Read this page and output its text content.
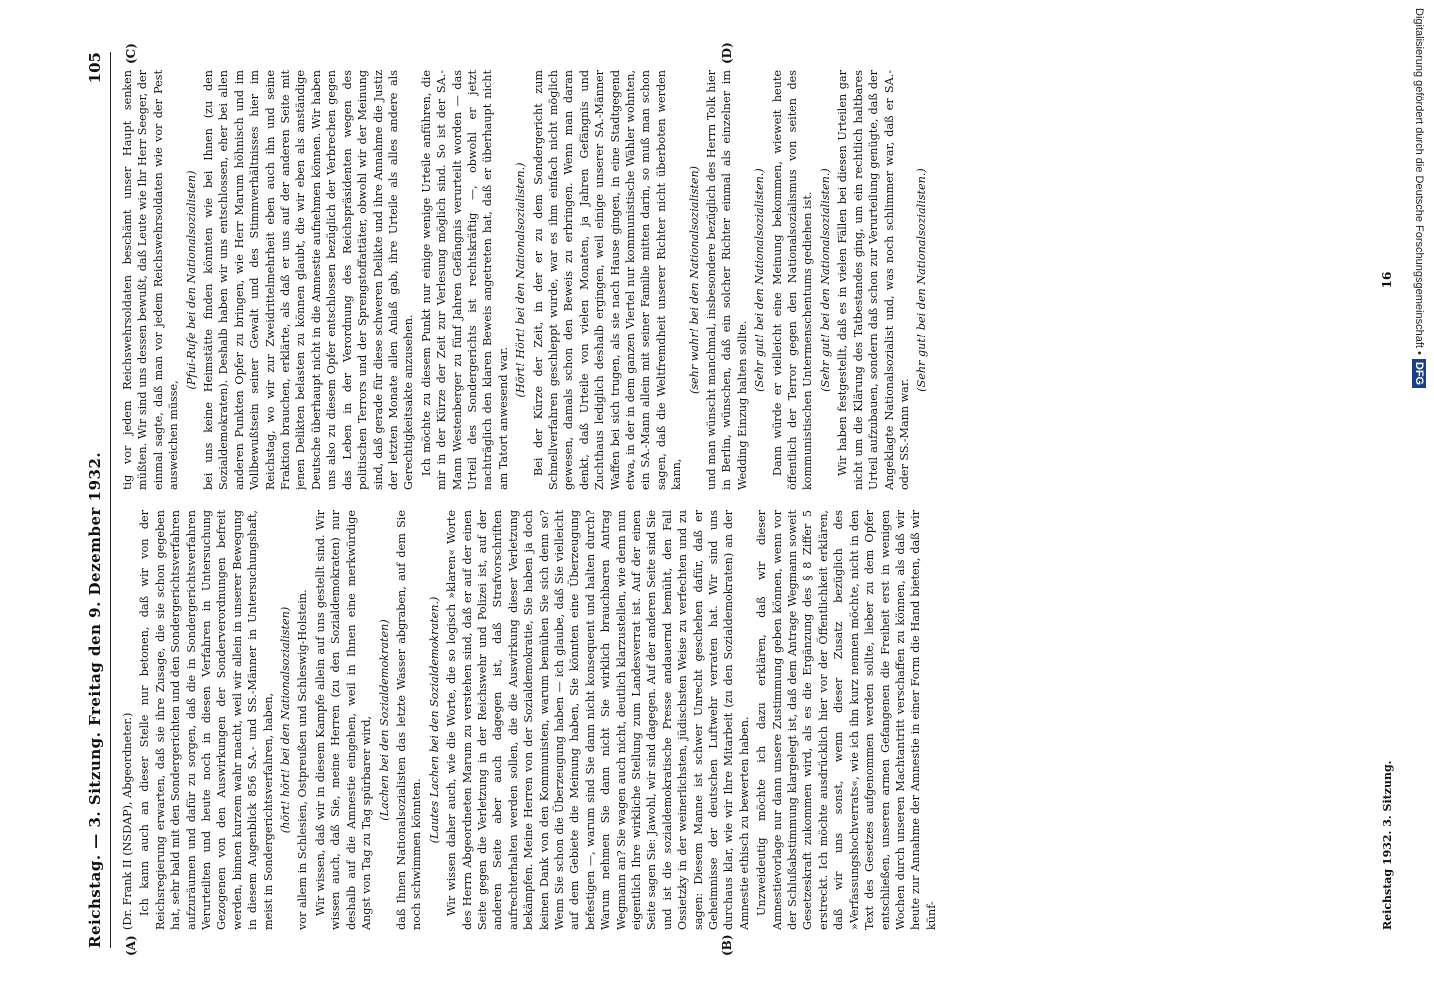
Reichstag. — 3. Sitzung. Freitag den 9. Dezember 1932.
105
(A)	(B)
(C)	(D)

(Dr. Frank II (NSDAP), Abgeordneter.) Ich kann auch an dieser Stelle nur betonen, daß wir von der Reichsregierung erwarten, daß sie ihre Zusage, die sie schon gegeben hat, sehr bald mit den Sondergerichten und den Sondergerichtsverfahren aufzuräumen und dafür zu sorgen, daß die in Sondergerichtsverfahren Verurteilten und heute noch in diesen Verfahren in Untersuchung Gezogenen von den Auswirkungen der Sonderverordnungen befreit werden, binnen kurzem wahr macht, weil wir allein in unserer Bewegung in diesem Augenblick 856 SA.- und SS.-Männer in Untersuchungshaft, meist in Sondergerichtsverfahren, haben, (hört! hört! bei den Nationalsozialisten) vor allem in Schlesien, Ostpreußen und Schleswig-Holstein. Wir wissen, daß wir in diesem Kampfe allein auf uns gestellt sind. Wir wissen auch, daß Sie, meine Herren (zu den Sozialdemokraten) nur deshalb auf die Amnestie eingehen, weil in Ihnen eine merkwürdige Angst von Tag zu Tag spürbarer wird, (Lachen bei den Sozialdemokraten) daß Ihnen Nationalsozialisten das letzte Wasser abgraben, auf dem Sie noch schwimmen könnten.

(Lautes Lachen bei den Sozialdemokraten.) Wir wissen daher auch, wie die Worte, die so logisch »klaren« Worte des Herrn Abgeordneten Marum zu verstehen sind, daß er auf der einen Seite gegen die Verletzung in der Reichswehr und Polizei ist, auf der anderen Seite aber auch dagegen ist, daß Strafvorschriften aufrechterhalten werden sollen, die die Auswirkung dieser Verletzung bekämpfen. Meine Herren von der Sozialdemokratie, Sie haben ja doch keinen Dank von den Kommunisten, warum bemühen Sie sich denn so? Wenn Sie schon die Überzeugung haben — ich glaube, daß Sie vielleicht auf dem Gebiete die Meinung haben, Sie könnten eine Überzeugung befestigen —, warum sind Sie dann nicht konsequent und halten durch? Warum nehmen Sie dann nicht Sie wirklich brauchbaren Antrag Wegmann an? Sie wagen auch nicht, deutlich klarzustellen, wie denn nun eigentlich Ihre wirkliche Stellung zum Landesverrat ist. Auf der einen Seite sagen Sie: Jawohl, wir sind dagegen. Auf der anderen Seite sind Sie und ist die sozialdemokratische Presse andauernd bemüht, den Fall Ossietzky in der weinerlichsten, jüdischsten Weise zu verfechten und zu sagen: Diesem Manne ist schwer Unrecht geschehen dafür, daß er Geheimnisse der deutschen Luftwehr verraten hat. Wir sind uns durchaus klar, wie wir Ihre Mitarbeit (zu den Sozialdemokraten) an der Amnestie ethisch zu bewerten haben. Unzweideutig möchte ich dazu erklären, daß wir dieser Amnestievorlage nur dann unsere Zustimmung geben können, wenn vor der Schlußabstimmung klargelegt ist, daß dem Antrage Wegmann soweit Gesetzeskraft zukommen wird, als es die Ergänzung des § 8 Ziffer 5 erstreckt. Ich möchte ausdrücklich hier vor der Öffentlichkeit erklären, daß wir uns sonst, wenn dieser Zusatz bezüglich des »Verfassungshochverrats«, wie ich ihn kurz nennen möchte, nicht in den Text des Gesetzes aufgenommen werden sollte, lieber zu dem Opfer entschließen, unseren armen Gefangenen die Freiheit erst in wenigen Wochen durch unseren Machtantritt verschaffen zu können, als daß wir heute zur Annahme der Amnestie in einer Form die Hand bieten, daß wir künf-

tig vor jedem Reichswehrsoldaten beschämt unser Haupt senken müßten. Wir sind uns dessen bewußt, daß Leute wie Ihr Herr Seeger, der einmal sagte, daß man vor jedem Reichswehrsoldaten wie vor der Pest ausweichen müsse,

(Pfui-Rufe bei den Nationalsozialisten) bei uns keine Heimstätte finden könnten wie bei Ihnen (zu den Sozialdemokraten). Deshalb haben wir uns entschlossen, eher bei allen anderen Punkten Opfer zu bringen, wie Herr Marum höhnisch und im Vollbewußtsein seiner Gewalt und des Stimmverhältnisses hier im Reichstag, wo wir zur Zweidrittelmehrheit eben auch ihn und seine Fraktion brauchen, erklärte, als daß er uns auf der anderen Seite mit jenen Delikten belasten zu können glaubt, die wir eben als anständige Deutsche überhaupt nicht in die Amnestie aufnehmen können. Wir haben uns also zu diesem Opfer entschlossen bezüglich der Verbrechen gegen das Leben in der Verordnung des Reichspräsidenten wegen des politischen Terrors und der Sprengstoffattäter, obwohl wir der Meinung sind, daß gerade für diese schweren Delikte und ihre Annahme die Justiz der letzten Monate allen Anlaß gab, ihre Urteile als alles andere als Gerechtigkeitsakte anzusehen. Ich möchte zu diesem Punkt nur einige wenige Urteile anführen, die mir in der Kürze der Zeit zur Verlesung möglich sind. So ist der SA.-Mann Westenberger zu fünf Jahren Gefängnis verurteilt worden — das Urteil des Sondergerichts ist rechtskräftig —, obwohl er jetzt nachträglich den klaren Beweis angetreten hat, daß er überhaupt nicht am Tatort anwesend war.

(Hört! Hört! bei den Nationalsozialisten.) Bei der Kürze der Zeit, in der er zu dem Sondergericht zum Schnellverfahren geschleppt wurde, war es ihm einfach nicht möglich gewesen, damals schon den Beweis zu erbringen. Wenn man daran denkt, daß Urteile von vielen Monaten, ja Jahren Gefängnis und Zuchthaus lediglich deshalb ergingen, weil einige unserer SA.-Männer Waffen bei sich trugen, als sie nach Hause gingen, in eine Stadtgegend etwa, in der in dem ganzen Viertel nur kommunistische Wähler wohnten, ein SA.-Mann allein mit seiner Familie mitten darin, so muß man schon sagen, daß die Weltfremdheit unserer Richter nicht überboten werden kann,

(sehr wahr! bei den Nationalsozialisten) und man wünscht manchmal, insbesondere bezüglich des Herrn Tolk hier in Berlin, wünschen, daß ein solcher Richter einmal als einzelner im Wedding Einzug halten sollte.

(Sehr gut! bei den Nationalsozialisten.) Dann würde er vielleicht eine Meinung bekommen, wieweit heute öffentlich der Terror gegen den Nationalsozialismus von seiten des kommunistischen Untermenschentums gediehen ist. (Sehr gut! bei den Nationalsozialisten.) Wir haben festgestellt, daß es in vielen Fällen bei diesen Urteilen gar nicht um die Klärung des Tatbestandes ging, um ein rechtlich haltbares Urteil aufzubauen, sondern daß schon zur Verurteilung genügte, daß der Angeklagte Nationalsozialist und, was noch schlimmer war, daß er SA.- oder SS.-Mann war.

(Sehr gut! bei den Nationalsozialisten.)

Reichstag 1932. 3. Sitzung.
16 Digitalisierung gefördert durch die Deutsche Forschungsgemeinschaft •DFG
